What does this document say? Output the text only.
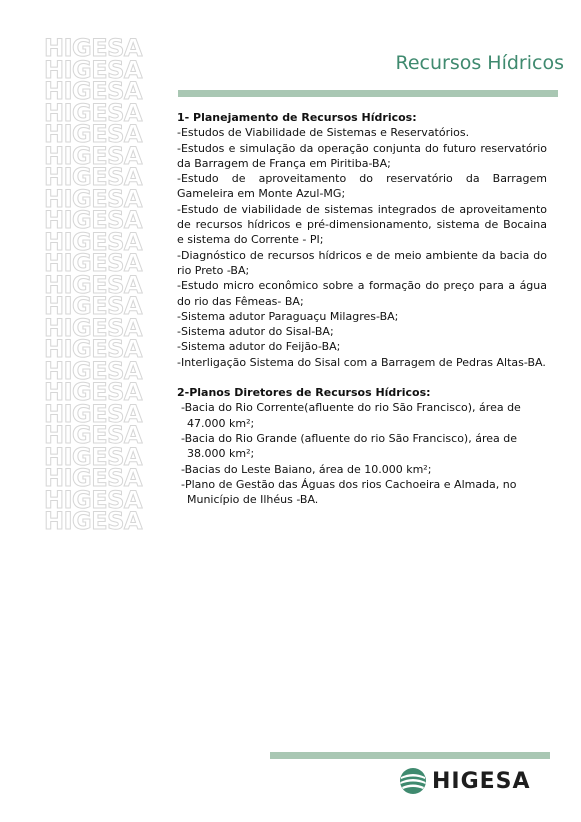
HIGESA
HIGESA
HIGESA
HIGESA
HIGESA
HIGESA
HIGESA
HIGESA
HIGESA
HIGESA
HIGESA
HIGESA
HIGESA
HIGESA
HIGESA
HIGESA
HIGESA
HIGESA
HIGESA
HIGESA
HIGESA
HIGESA
HIGESA
Recursos Hídricos

1- Planejamento de Recursos Hídricos:

-Estudos de Viabilidade de Sistemas e Reservatórios.

-Estudos e simulação da operação conjunta do futuro reservatório da Barragem de França em Piritiba-BA;

-Estudo de aproveitamento do reservatório da Barragem Gameleira em Monte Azul-MG;

-Estudo de viabilidade de sistemas integrados de aproveitamento de recursos hídricos e pré-dimensionamento, sistema de Bocaina e sistema do Corrente - PI;

-Diagnóstico de recursos hídricos e de meio ambiente da bacia do rio Preto -BA;

-Estudo micro econômico sobre a formação do preço para a água do rio das Fêmeas- BA;

-Sistema adutor Paraguaçu Milagres-BA;

-Sistema adutor do Sisal-BA;

-Sistema adutor do Feijão-BA;

-Interligação Sistema do Sisal com a Barragem de Pedras Altas-BA.

2-Planos Diretores de Recursos Hídricos:

-Bacia do Rio Corrente(afluente do rio São Francisco), área de 47.000 km²;

-Bacia do Rio Grande (afluente do rio São Francisco), área de 38.000 km²;

-Bacias do Leste Baiano, área de 10.000 km²;

-Plano de Gestão das Águas dos rios Cachoeira e Almada, no Município de Ilhéus -BA.

HIGESA
